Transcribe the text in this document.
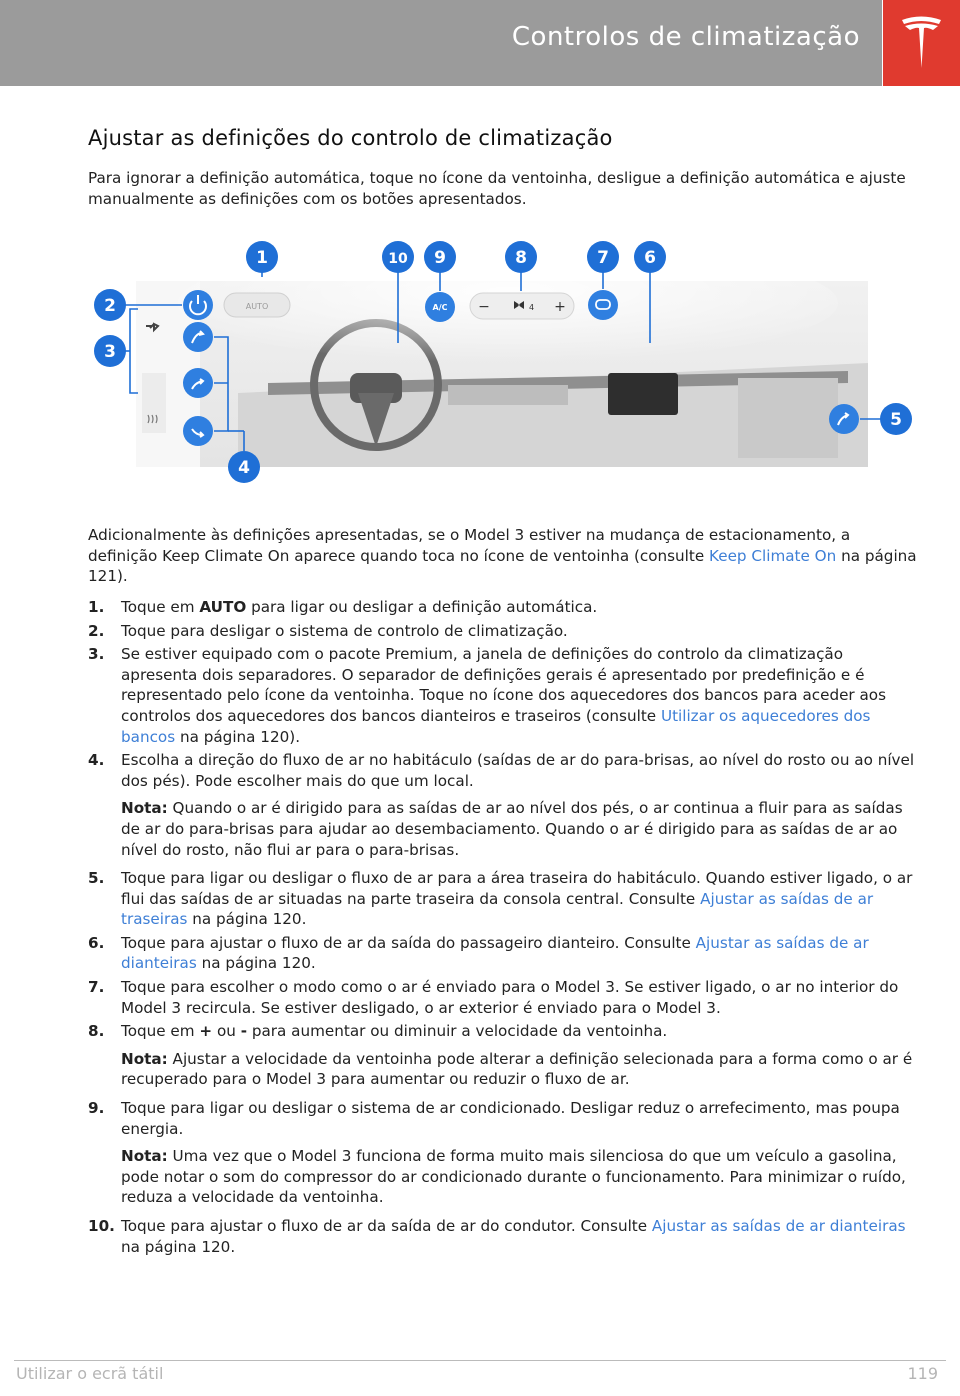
Controlos de climatização
Ajustar as definições do controlo de climatização

Para ignorar a definição automática, toque no ícone da ventoinha, desligue a definição automática e ajuste manualmente as definições com os botões apresentados.

AUTO	A/C −	4 +
1
2
3
4
5
6
7
8
9
10

Adicionalmente às definições apresentadas, se o Model 3 estiver na mudança de estacionamento, a definição Keep Climate On aparece quando toca no ícone de ventoinha (consulte Keep Climate On na página 121).

1.	Toque em AUTO para ligar ou desligar a definição automática.
2.	Toque para desligar o sistema de controlo de climatização.
3.	Se estiver equipado com o pacote Premium, a janela de definições do controlo da climatização apresenta dois separadores. O separador de definições gerais é apresentado por predefinição e é representado pelo ícone da ventoinha. Toque no ícone dos aquecedores dos bancos para aceder aos controlos dos aquecedores dos bancos dianteiros e traseiros (consulte Utilizar os aquecedores dos bancos na página 120).
4.	Escolha a direção do fluxo de ar no habitáculo (saídas de ar do para-brisas, ao nível do rosto ou ao nível dos pés). Pode escolher mais do que um local.
Nota: Quando o ar é dirigido para as saídas de ar ao nível dos pés, o ar continua a fluir para as saídas de ar do para-brisas para ajudar ao desembaciamento. Quando o ar é dirigido para as saídas de ar ao nível do rosto, não flui ar para o para-brisas.
5.	Toque para ligar ou desligar o fluxo de ar para a área traseira do habitáculo. Quando estiver ligado, o ar flui das saídas de ar situadas na parte traseira da consola central. Consulte Ajustar as saídas de ar traseiras na página 120.
6.	Toque para ajustar o fluxo de ar da saída do passageiro dianteiro. Consulte Ajustar as saídas de ar dianteiras na página 120.
7.	Toque para escolher o modo como o ar é enviado para o Model 3. Se estiver ligado, o ar no interior do Model 3 recircula. Se estiver desligado, o ar exterior é enviado para o Model 3.
8.	Toque em + ou - para aumentar ou diminuir a velocidade da ventoinha.
Nota: Ajustar a velocidade da ventoinha pode alterar a definição selecionada para a forma como o ar é recuperado para o Model 3 para aumentar ou reduzir o fluxo de ar.
9.	Toque para ligar ou desligar o sistema de ar condicionado. Desligar reduz o arrefecimento, mas poupa energia.
Nota: Uma vez que o Model 3 funciona de forma muito mais silenciosa do que um veículo a gasolina, pode notar o som do compressor do ar condicionado durante o funcionamento. Para minimizar o ruído, reduza a velocidade da ventoinha.
10. Toque para ajustar o fluxo de ar da saída de ar do condutor. Consulte Ajustar as saídas de ar dianteiras na página 120.
Utilizar o ecrã tátil	119
